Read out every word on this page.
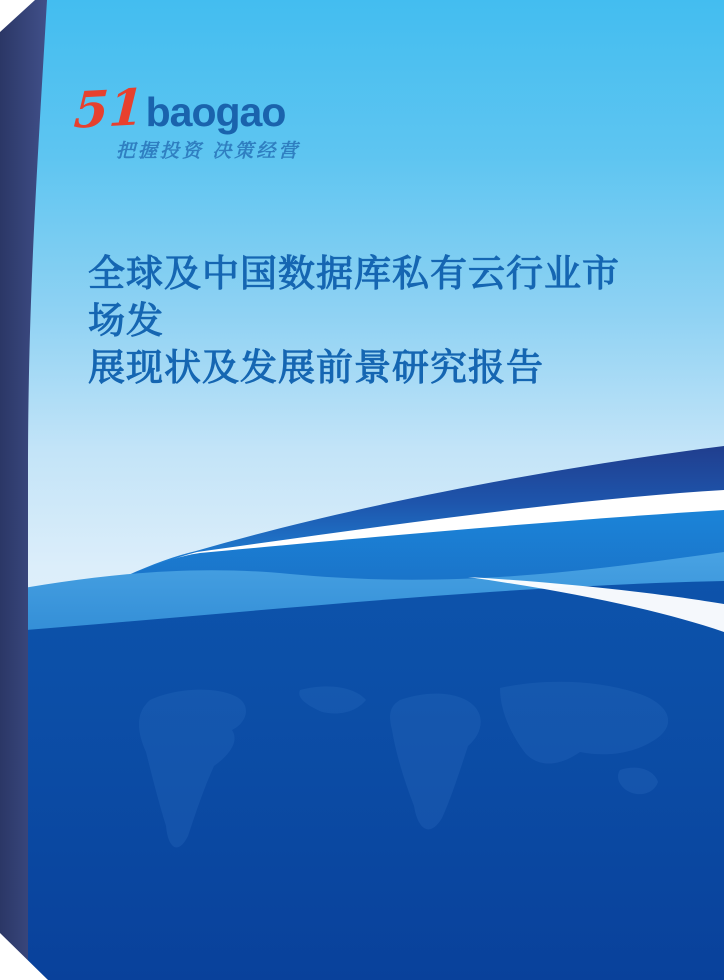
51 baogao
把握投资 决策经营
全球及中国数据库私有云行业市场发
展现状及发展前景研究报告
